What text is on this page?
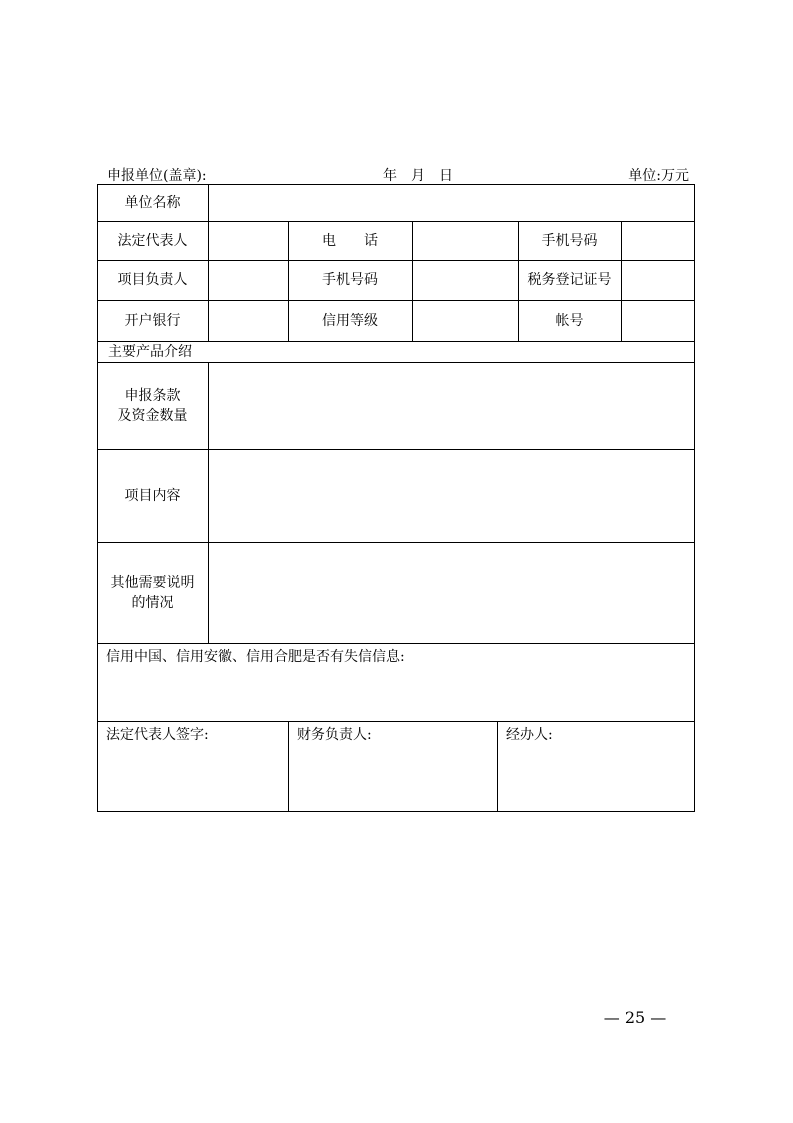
申报单位(盖章):	年　月　日	单位:万元
单位名称
法定代表人	电　　话	手机号码
项目负责人	手机号码	税务登记证号
开户银行	信用等级	帐号
主要产品介绍
申报条款
及资金数量
项目内容
其他需要说明
的情况
信用中国、信用安徽、信用合肥是否有失信信息:
法定代表人签字:	财务负责人:	经办人:
— 25 —
